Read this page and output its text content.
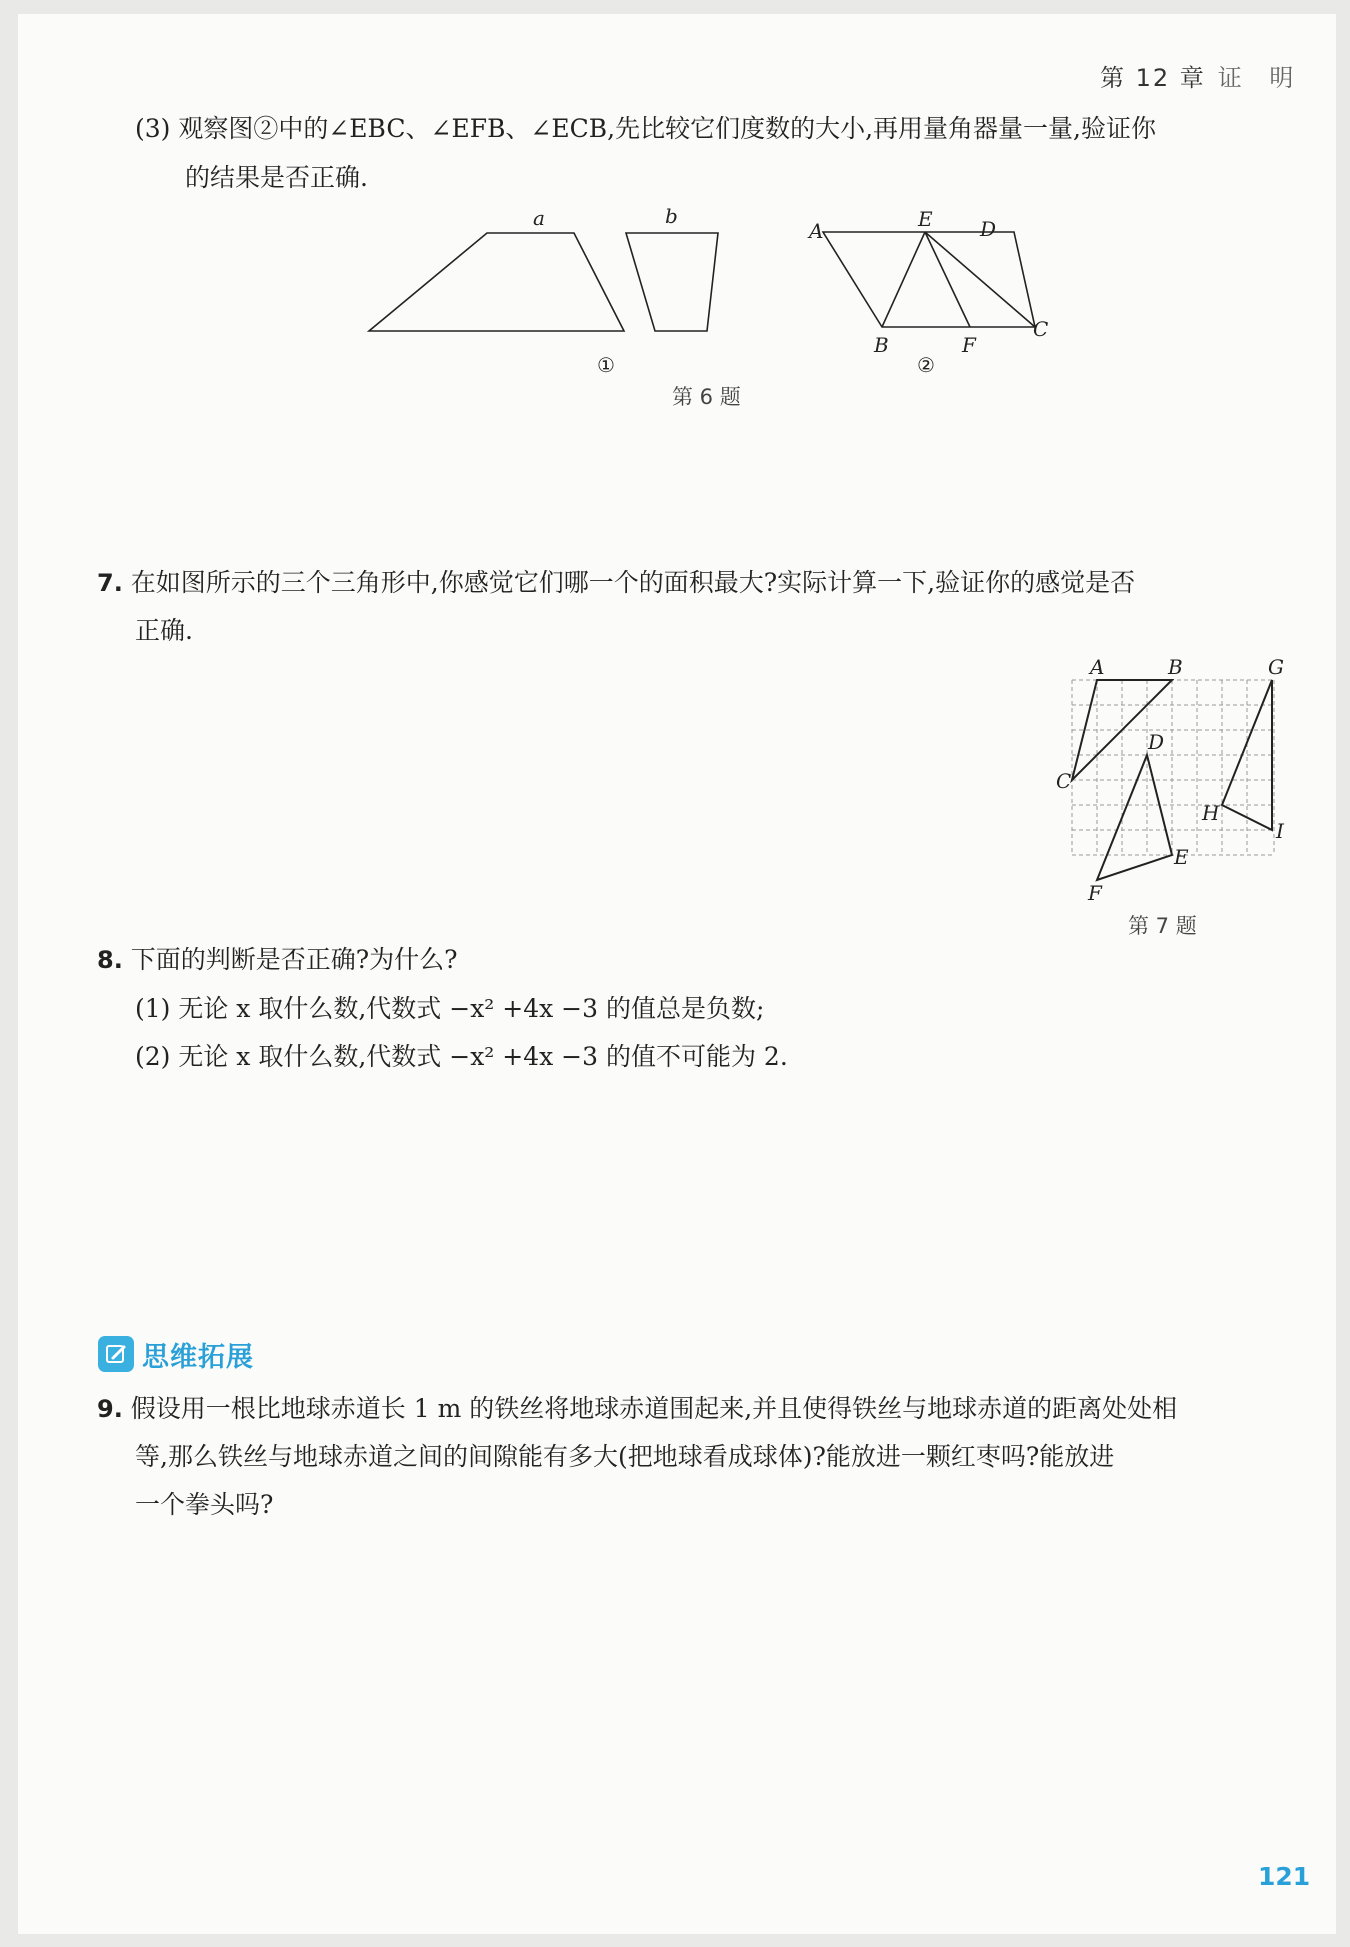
第 12 章 证 明
(3) 观察图②中的∠EBC、∠EFB、∠ECB,先比较它们度数的大小,再用量角器量一量,验证你
的结果是否正确.
a	b
①
A	E D
B	F
C
②
第 6 题
7. 在如图所示的三个三角形中,你感觉它们哪一个的面积最大?实际计算一下,验证你的感觉是否
正确.
A	B	G
D
C
H
I
E
F
第 7 题
8. 下面的判断是否正确?为什么?
(1) 无论 x 取什么数,代数式 −x² +4x −3 的值总是负数;
(2) 无论 x 取什么数,代数式 −x² +4x −3 的值不可能为 2.
思维拓展
9. 假设用一根比地球赤道长 1 m 的铁丝将地球赤道围起来,并且使得铁丝与地球赤道的距离处处相
等,那么铁丝与地球赤道之间的间隙能有多大(把地球看成球体)?能放进一颗红枣吗?能放进
一个拳头吗?
121
